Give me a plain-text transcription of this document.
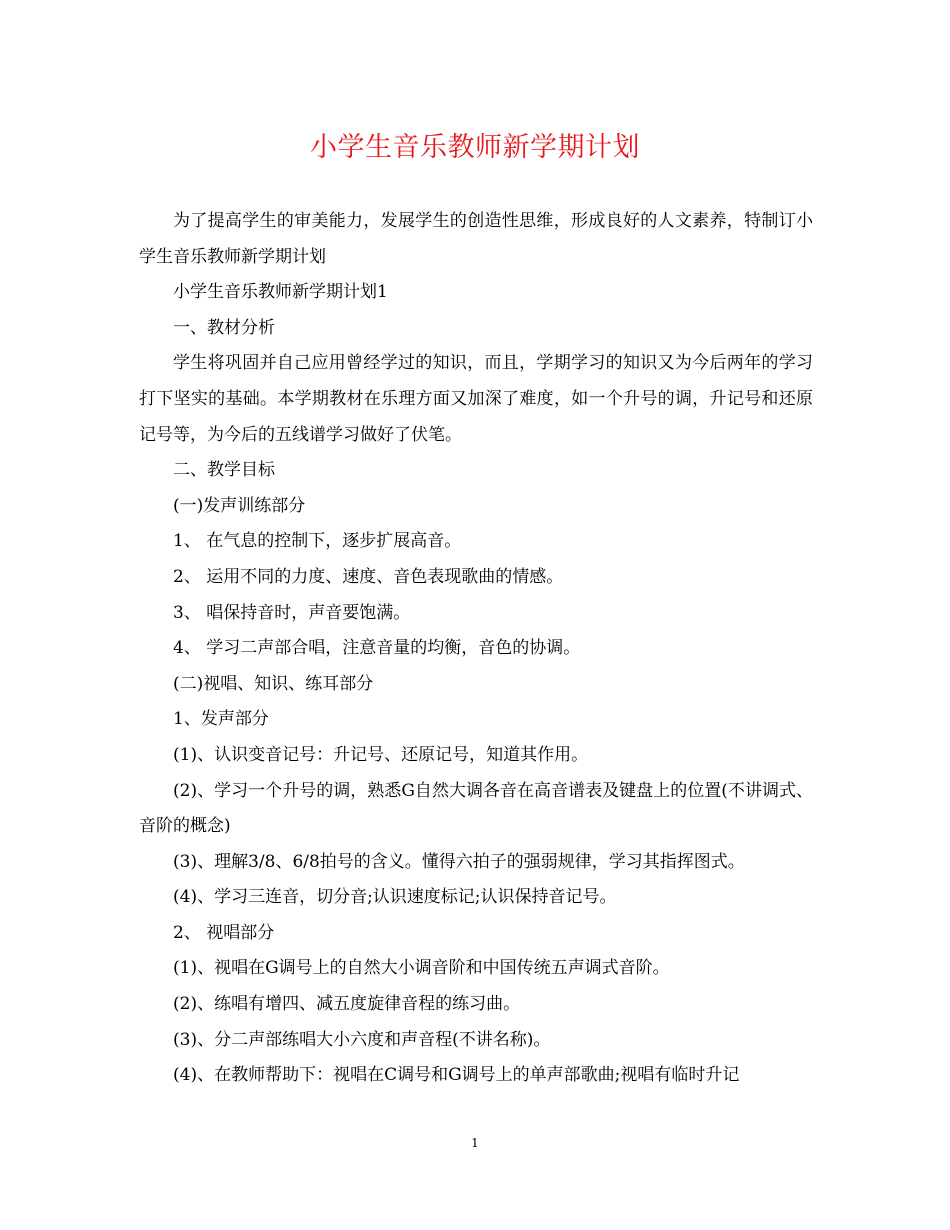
小学生音乐教师新学期计划

为了提高学生的审美能力，发展学生的创造性思维，形成良好的人文素养，特制订小学生音乐教师新学期计划

小学生音乐教师新学期计划1

一、教材分析

学生将巩固并自己应用曾经学过的知识，而且，学期学习的知识又为今后两年的学习打下坚实的基础。本学期教材在乐理方面又加深了难度，如一个升号的调，升记号和还原记号等，为今后的五线谱学习做好了伏笔。

二、教学目标

(一)发声训练部分

1、 在气息的控制下，逐步扩展高音。

2、 运用不同的力度、速度、音色表现歌曲的情感。

3、 唱保持音时，声音要饱满。

4、 学习二声部合唱，注意音量的均衡，音色的协调。

(二)视唱、知识、练耳部分

1、发声部分

(1)、认识变音记号：升记号、还原记号，知道其作用。

(2)、学习一个升号的调，熟悉G自然大调各音在高音谱表及键盘上的位置(不讲调式、音阶的概念)

(3)、理解3/8、6/8拍号的含义。懂得六拍子的强弱规律，学习其指挥图式。

(4)、学习三连音，切分音;认识速度标记;认识保持音记号。

2、 视唱部分

(1)、视唱在G调号上的自然大小调音阶和中国传统五声调式音阶。

(2)、练唱有增四、减五度旋律音程的练习曲。

(3)、分二声部练唱大小六度和声音程(不讲名称)。

(4)、在教师帮助下：视唱在C调号和G调号上的单声部歌曲;视唱有临时升记

1
